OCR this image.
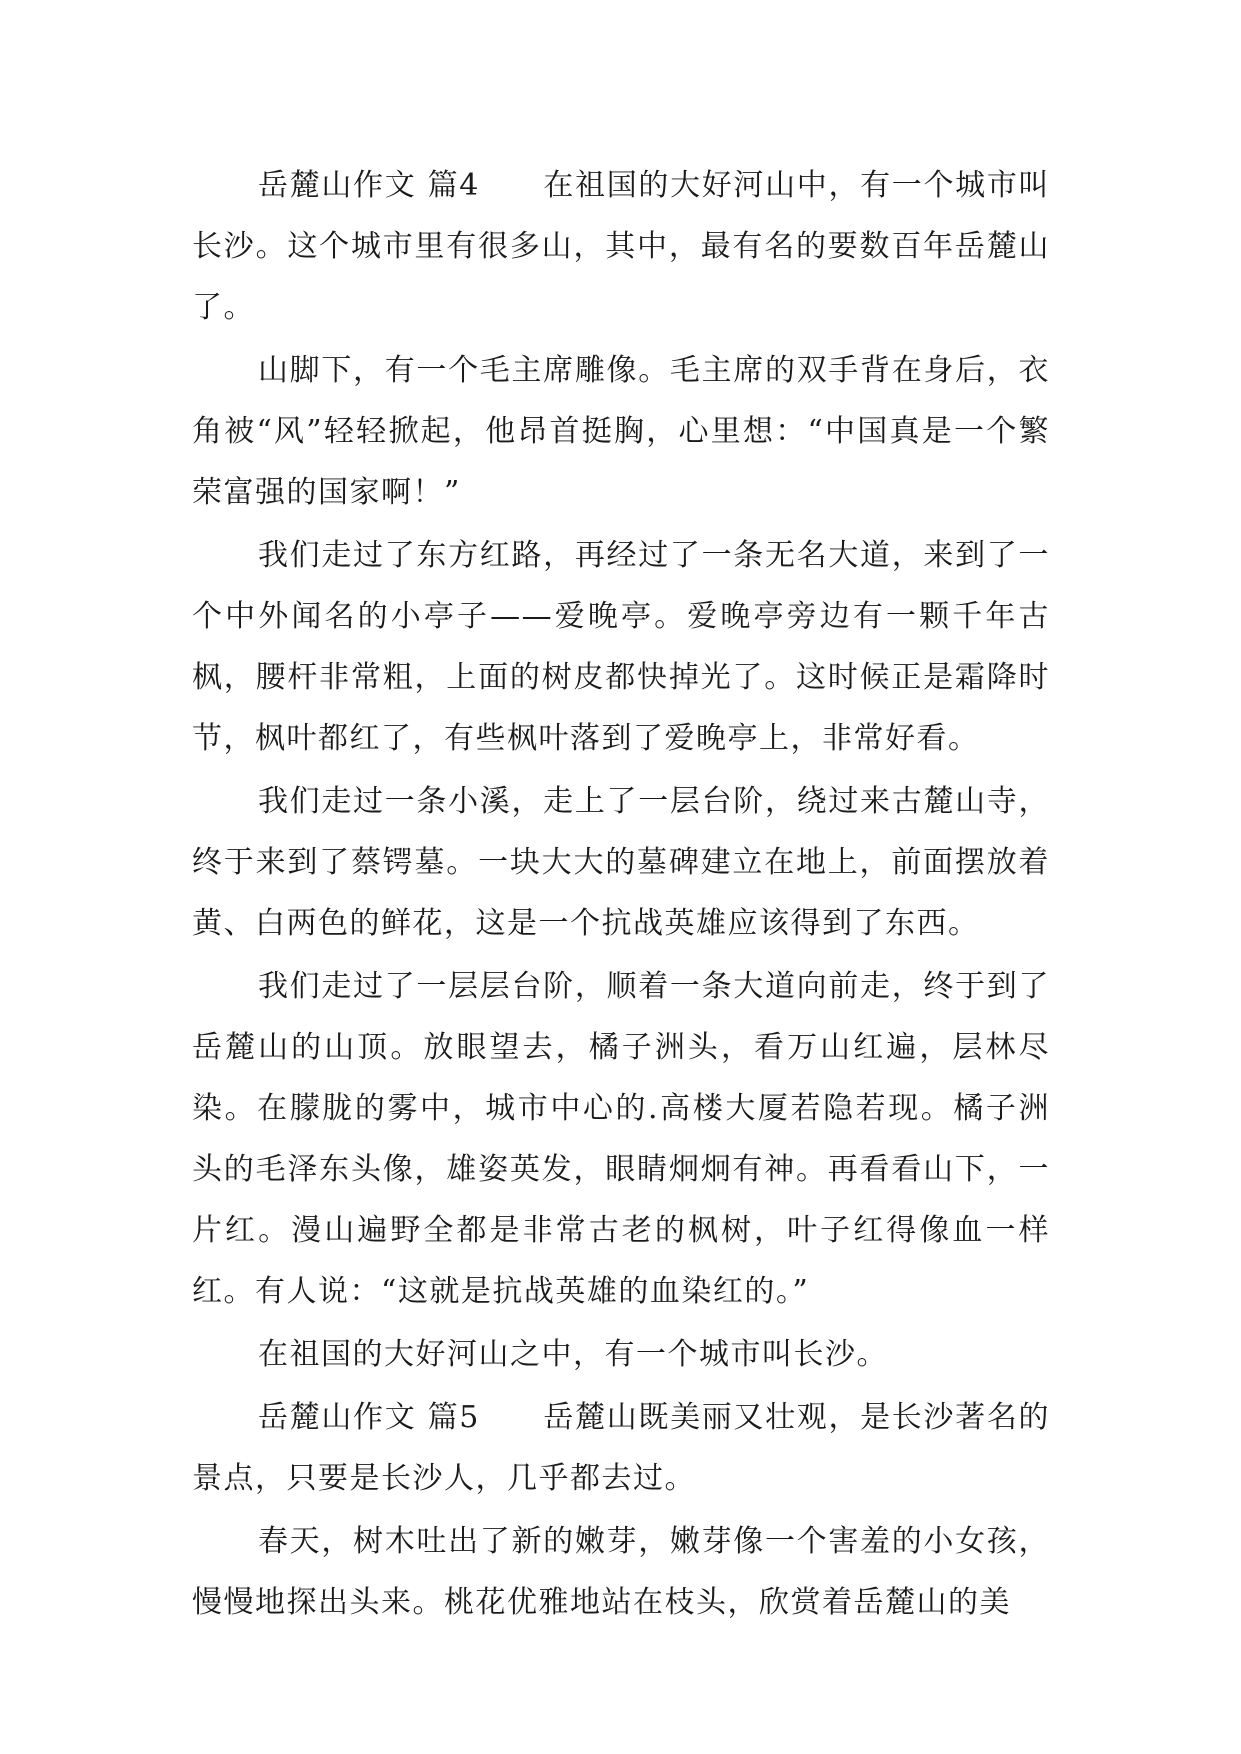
岳麓山作文 篇4　　在祖国的大好河山中，有一个城市叫长沙。这个城市里有很多山，其中，最有名的要数百年岳麓山了。

山脚下，有一个毛主席雕像。毛主席的双手背在身后，衣角被“风”轻轻掀起，他昂首挺胸，心里想：“中国真是一个繁荣富强的国家啊！”

我们走过了东方红路，再经过了一条无名大道，来到了一个中外闻名的小亭子——爱晚亭。爱晚亭旁边有一颗千年古枫，腰杆非常粗，上面的树皮都快掉光了。这时候正是霜降时节，枫叶都红了，有些枫叶落到了爱晚亭上，非常好看。

我们走过一条小溪，走上了一层台阶，绕过来古麓山寺，终于来到了蔡锷墓。一块大大的墓碑建立在地上，前面摆放着黄、白两色的鲜花，这是一个抗战英雄应该得到了东西。

我们走过了一层层台阶，顺着一条大道向前走，终于到了岳麓山的山顶。放眼望去，橘子洲头，看万山红遍，层林尽染。在朦胧的雾中，城市中心的.高楼大厦若隐若现。橘子洲头的毛泽东头像，雄姿英发，眼睛炯炯有神。再看看山下，一片红。漫山遍野全都是非常古老的枫树，叶子红得像血一样红。有人说：“这就是抗战英雄的血染红的。”

在祖国的大好河山之中，有一个城市叫长沙。

岳麓山作文 篇5　　岳麓山既美丽又壮观，是长沙著名的景点，只要是长沙人，几乎都去过。

春天，树木吐出了新的嫩芽，嫩芽像一个害羞的小女孩，慢慢地探出头来。桃花优雅地站在枝头，欣赏着岳麓山的美
